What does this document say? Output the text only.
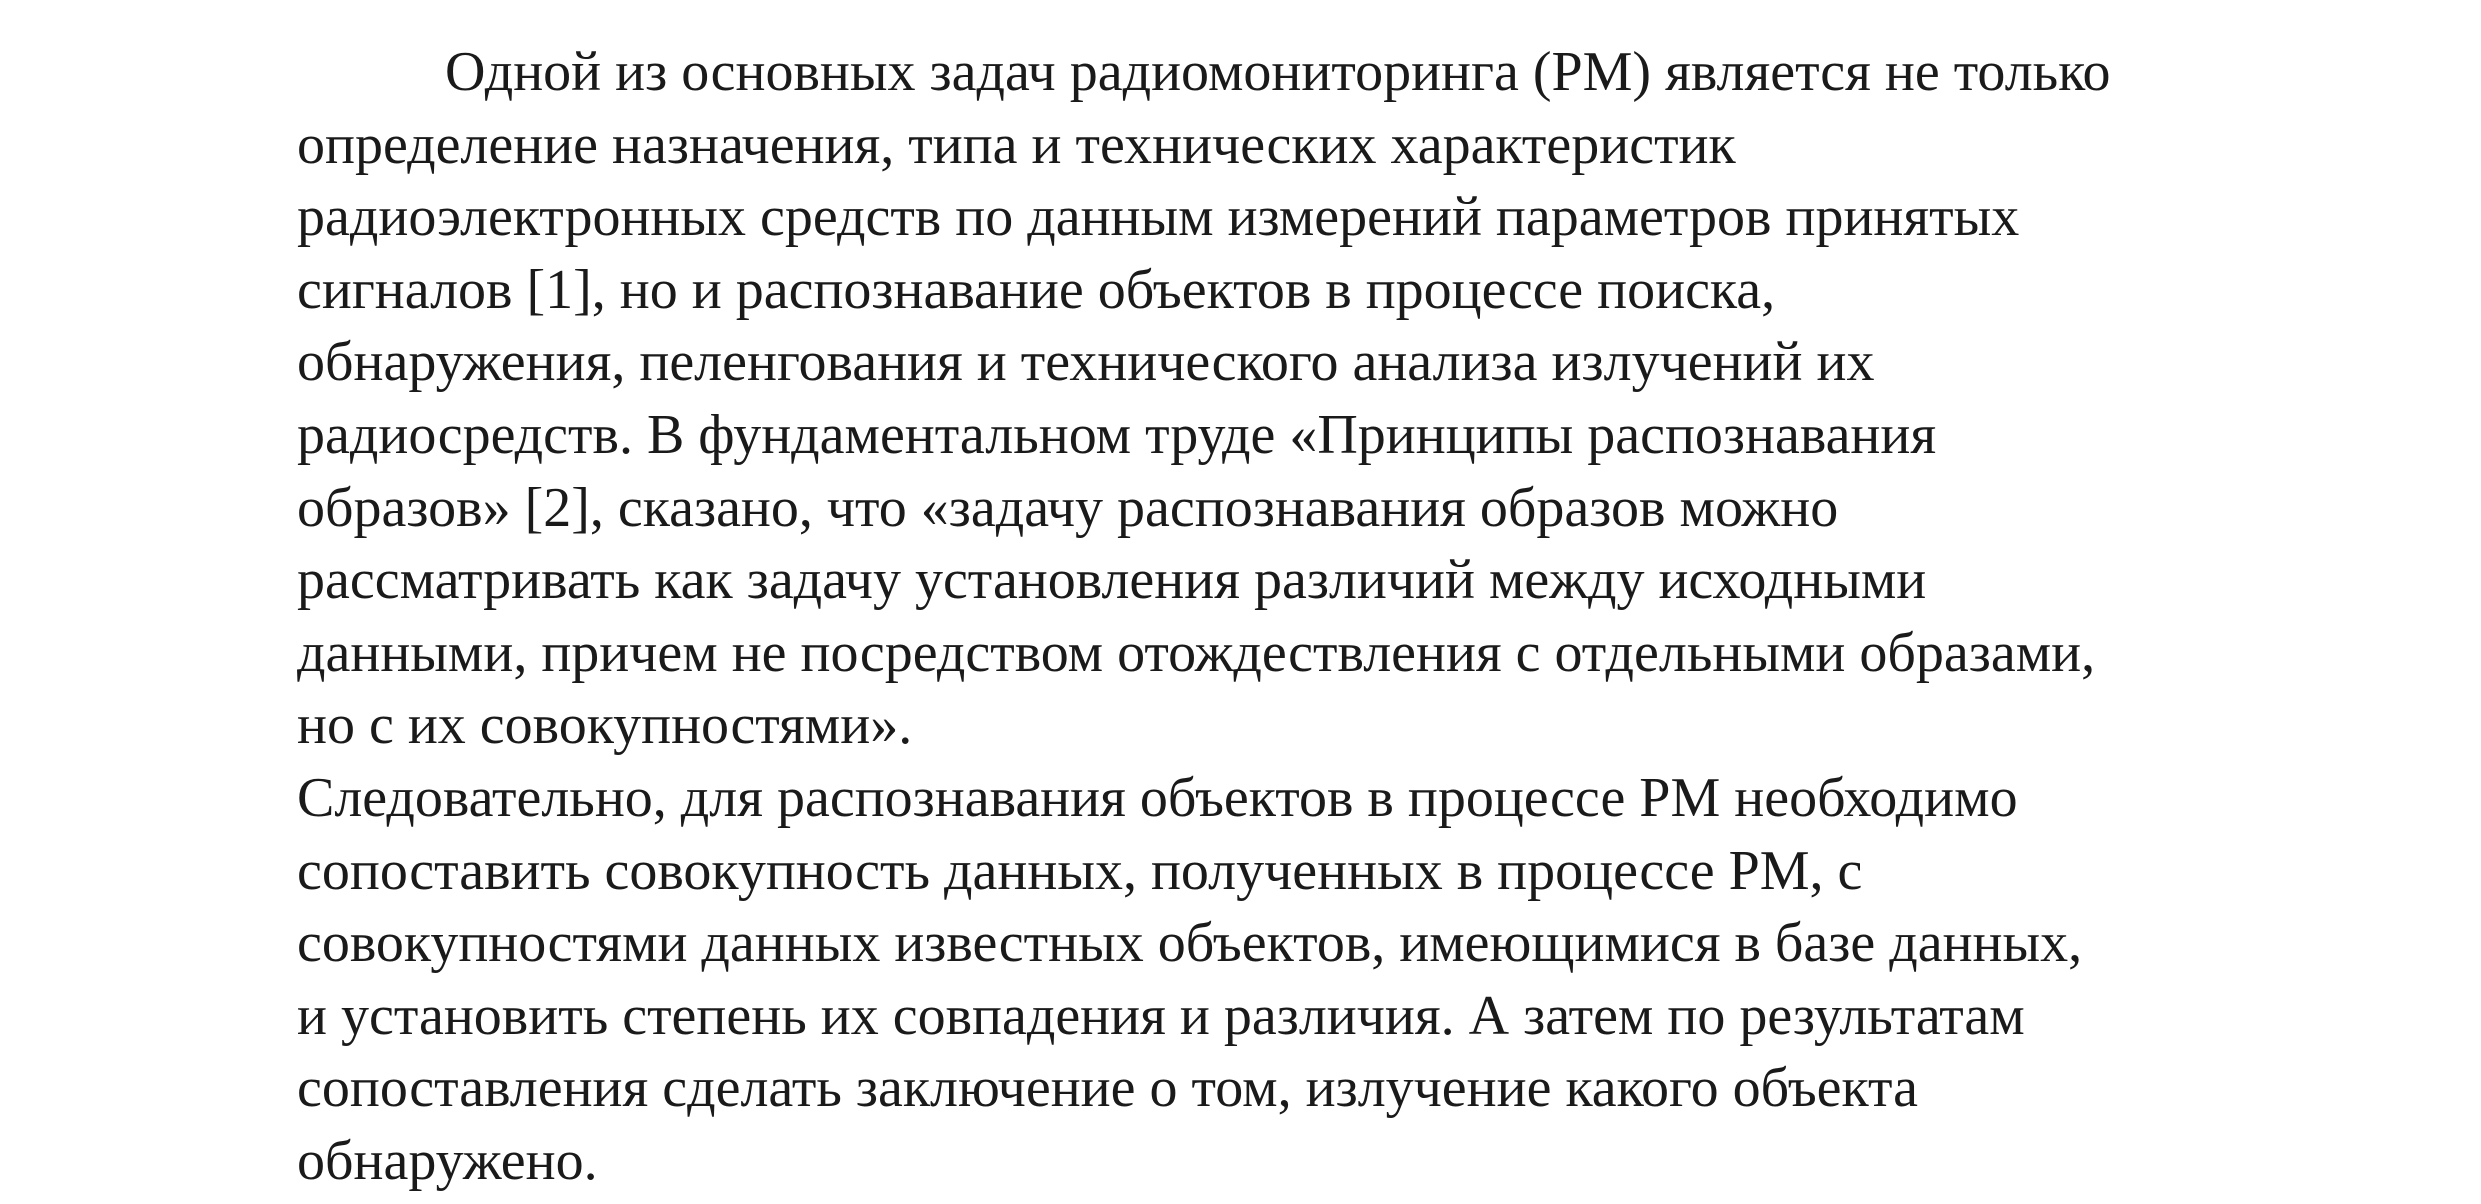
Одной из основных задач радиомониторинга (РМ) является не только
определение назначения, типа и технических характеристик
радиоэлектронных средств по данным измерений параметров принятых
сигналов [1], но и распознавание объектов в процессе поиска,
обнаружения, пеленгования и технического анализа излучений их
радиосредств. В фундаментальном труде «Принципы распознавания
образов» [2], сказано, что «задачу распознавания образов можно
рассматривать как задачу установления различий между исходными
данными, причем не посредством отождествления с отдельными образами,
но с их совокупностями».
Следовательно, для распознавания объектов в процессе РМ необходимо
сопоставить совокупность данных, полученных в процессе РМ, с
совокупностями данных известных объектов, имеющимися в базе данных,
и установить степень их совпадения и различия. А затем по результатам
сопоставления сделать заключение о том, излучение какого объекта
обнаружено.
